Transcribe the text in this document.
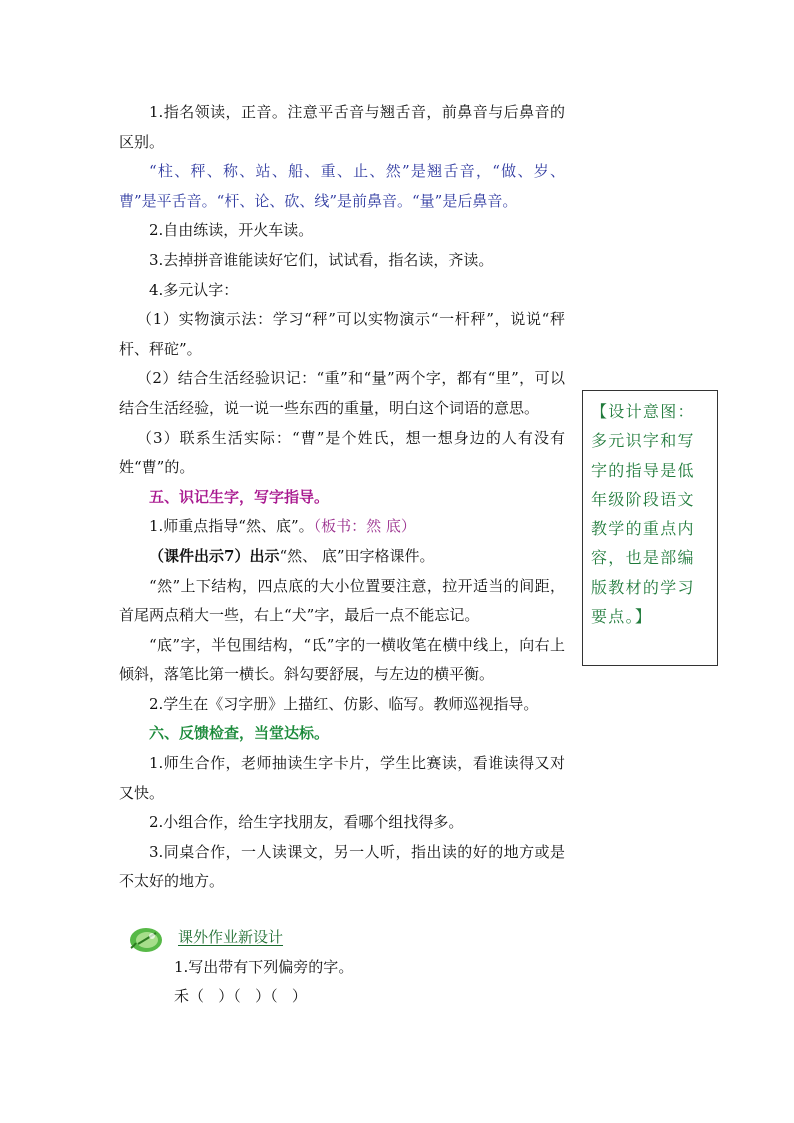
1.指名领读，正音。注意平舌音与翘舌音，前鼻音与后鼻音的区别。

“柱、秤、称、站、船、重、止、然”是翘舌音，“做、岁、曹”是平舌音。“杆、论、砍、线”是前鼻音。“量”是后鼻音。

2.自由练读，开火车读。

3.去掉拼音谁能读好它们，试试看，指名读，齐读。

4.多元认字：

（1）实物演示法：学习“秤”可以实物演示“一杆秤”，说说“秤杆、秤砣”。

（2）结合生活经验识记：“重”和“量”两个字，都有“里”，可以结合生活经验，说一说一些东西的重量，明白这个词语的意思。

（3）联系生活实际：“曹”是个姓氏，想一想身边的人有没有姓“曹”的。

五、识记生字，写字指导。

1.师重点指导“然、底”。（板书：然 底）

（课件出示7）出示“然、 底”田字格课件。

“然”上下结构，四点底的大小位置要注意，拉开适当的间距，首尾两点稍大一些，右上“犬”字，最后一点不能忘记。

“底”字，半包围结构，“氐”字的一横收笔在横中线上，向右上倾斜，落笔比第一横长。斜勾要舒展，与左边的横平衡。

2.学生在《习字册》上描红、仿影、临写。教师巡视指导。

六、反馈检查，当堂达标。

1.师生合作，老师抽读生字卡片，学生比赛读，看谁读得又对又快。

2.小组合作，给生字找朋友，看哪个组找得多。

3.同桌合作，一人读课文，另一人听，指出读的好的地方或是不太好的地方。

【设计意图：多元识字和写字的指导是低年级阶段语文教学的重点内容，也是部编版教材的学习要点。】
课外作业新设计
1.写出带有下列偏旁的字。
禾（   ）（   ）（   ）
